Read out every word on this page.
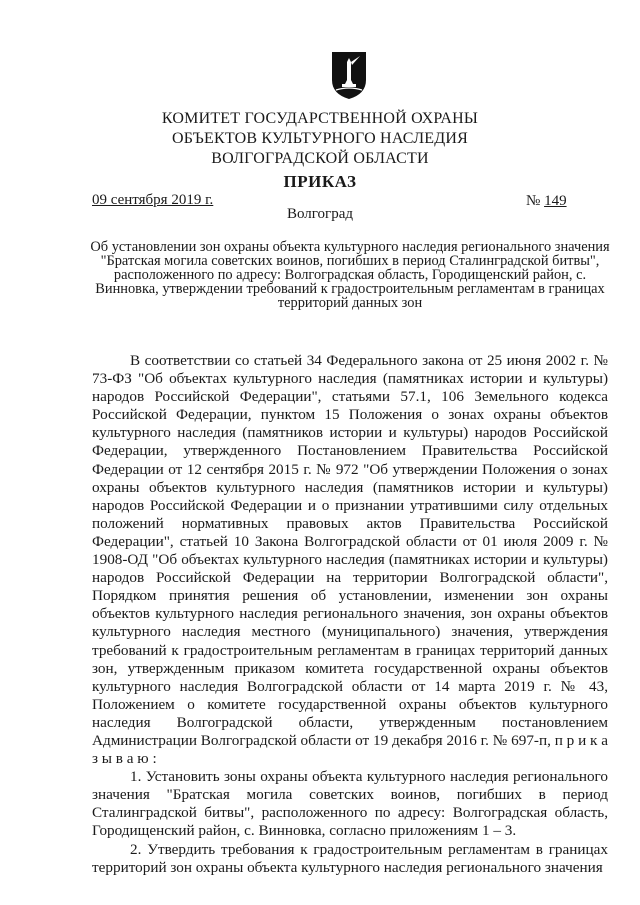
КОМИТЕТ ГОСУДАРСТВЕННОЙ ОХРАНЫ
ОБЪЕКТОВ КУЛЬТУРНОГО НАСЛЕДИЯ
ВОЛГОГРАДСКОЙ ОБЛАСТИ
ПРИКАЗ
09 сентября 2019 г.	№ 149
Волгоград
Об установлении зон охраны объекта культурного наследия регионального значения "Братская могила советских воинов, погибших в период Сталинградской битвы", расположенного по адресу: Волгоградская область, Городищенский район, с. Винновка, утверждении требований к градостроительным регламентам в границах территорий данных зон

В соответствии со статьей 34 Федерального закона от 25 июня 2002 г. № 73-ФЗ "Об объектах культурного наследия (памятниках истории и культуры) народов Российской Федерации", статьями 57.1, 106 Земельного кодекса Российской Федерации, пунктом 15 Положения о зонах охраны объектов культурного наследия (памятников истории и культуры) народов Российской Федерации, утвержденного Постановлением Правительства Российской Федерации от 12 сентября 2015 г. № 972 "Об утверждении Положения о зонах охраны объектов культурного наследия (памятников истории и культуры) народов Российской Федерации и о признании утратившими силу отдельных положений нормативных правовых актов Правительства Российской Федерации", статьей 10 Закона Волгоградской области от 01 июля 2009 г. № 1908-ОД "Об объектах культурного наследия (памятниках истории и культуры) народов Российской Федерации на территории Волгоградской области", Порядком принятия решения об установлении, изменении зон охраны объектов культурного наследия регионального значения, зон охраны объектов культурного наследия местного (муниципального) значения, утверждения требований к градостроительным регламентам в границах территорий данных зон, утвержденным приказом комитета государственной охраны объектов культурного наследия Волгоградской области от 14 марта 2019 г. № 43, Положением о комитете государственной охраны объектов культурного наследия Волгоградской области, утвержденным постановлением Администрации Волгоградской области от 19 декабря 2016 г. № 697-п, п р и к а з ы в а ю :

1. Установить зоны охраны объекта культурного наследия регионального значения "Братская могила советских воинов, погибших в период Сталинградской битвы", расположенного по адресу: Волгоградская область, Городищенский район, с. Винновка, согласно приложениям 1 – 3.

2. Утвердить требования к градостроительным регламентам в границах территорий зон охраны объекта культурного наследия регионального значения
